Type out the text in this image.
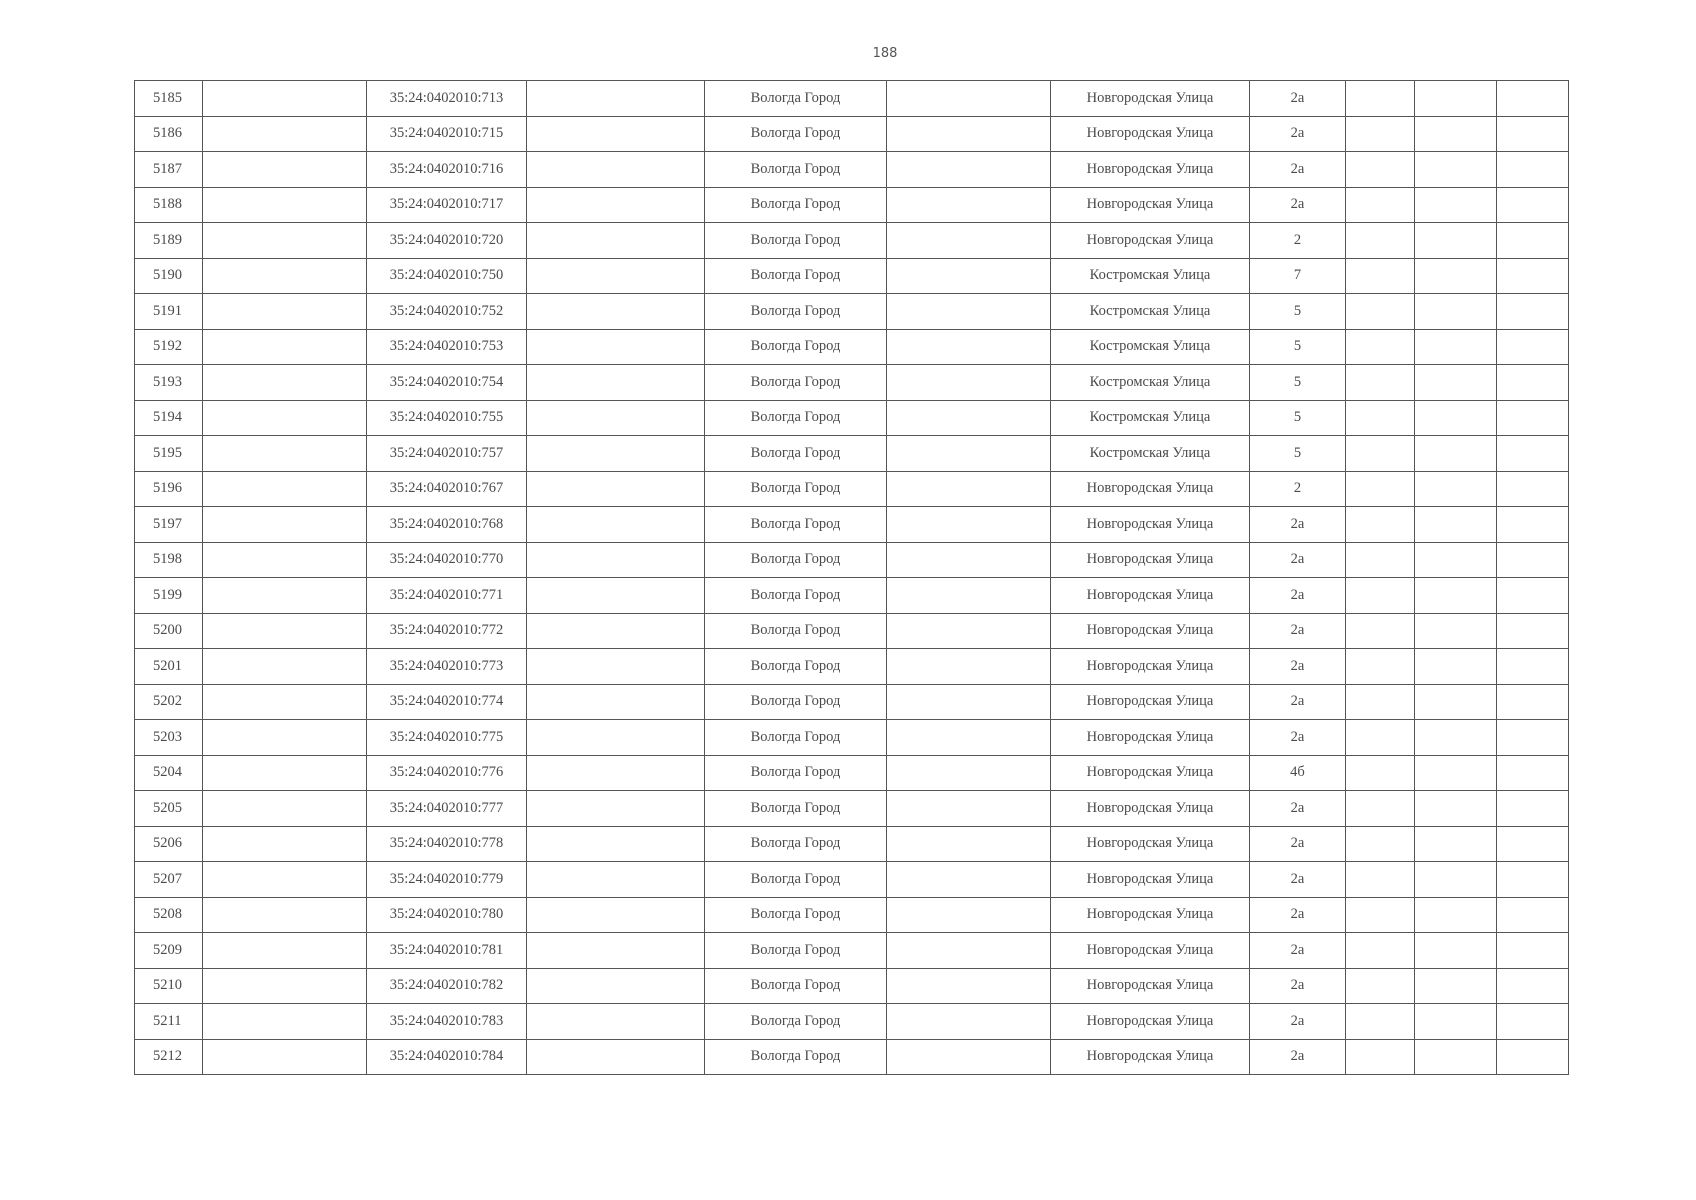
188
5185		35:24:0402010:713		Вологда Город		Новгородская Улица	2а			
5186		35:24:0402010:715		Вологда Город		Новгородская Улица	2а			
5187		35:24:0402010:716		Вологда Город		Новгородская Улица	2а			
5188		35:24:0402010:717		Вологда Город		Новгородская Улица	2а			
5189		35:24:0402010:720		Вологда Город		Новгородская Улица	2			
5190		35:24:0402010:750		Вологда Город		Костромская Улица	7			
5191		35:24:0402010:752		Вологда Город		Костромская Улица	5			
5192		35:24:0402010:753		Вологда Город		Костромская Улица	5			
5193		35:24:0402010:754		Вологда Город		Костромская Улица	5			
5194		35:24:0402010:755		Вологда Город		Костромская Улица	5			
5195		35:24:0402010:757		Вологда Город		Костромская Улица	5			
5196		35:24:0402010:767		Вологда Город		Новгородская Улица	2			
5197		35:24:0402010:768		Вологда Город		Новгородская Улица	2а			
5198		35:24:0402010:770		Вологда Город		Новгородская Улица	2а			
5199		35:24:0402010:771		Вологда Город		Новгородская Улица	2а			
5200		35:24:0402010:772		Вологда Город		Новгородская Улица	2а			
5201		35:24:0402010:773		Вологда Город		Новгородская Улица	2а			
5202		35:24:0402010:774		Вологда Город		Новгородская Улица	2а			
5203		35:24:0402010:775		Вологда Город		Новгородская Улица	2а			
5204		35:24:0402010:776		Вологда Город		Новгородская Улица	4б			
5205		35:24:0402010:777		Вологда Город		Новгородская Улица	2а			
5206		35:24:0402010:778		Вологда Город		Новгородская Улица	2а			
5207		35:24:0402010:779		Вологда Город		Новгородская Улица	2а			
5208		35:24:0402010:780		Вологда Город		Новгородская Улица	2а			
5209		35:24:0402010:781		Вологда Город		Новгородская Улица	2а			
5210		35:24:0402010:782		Вологда Город		Новгородская Улица	2а			
5211		35:24:0402010:783		Вологда Город		Новгородская Улица	2а			
5212		35:24:0402010:784		Вологда Город		Новгородская Улица	2а			
